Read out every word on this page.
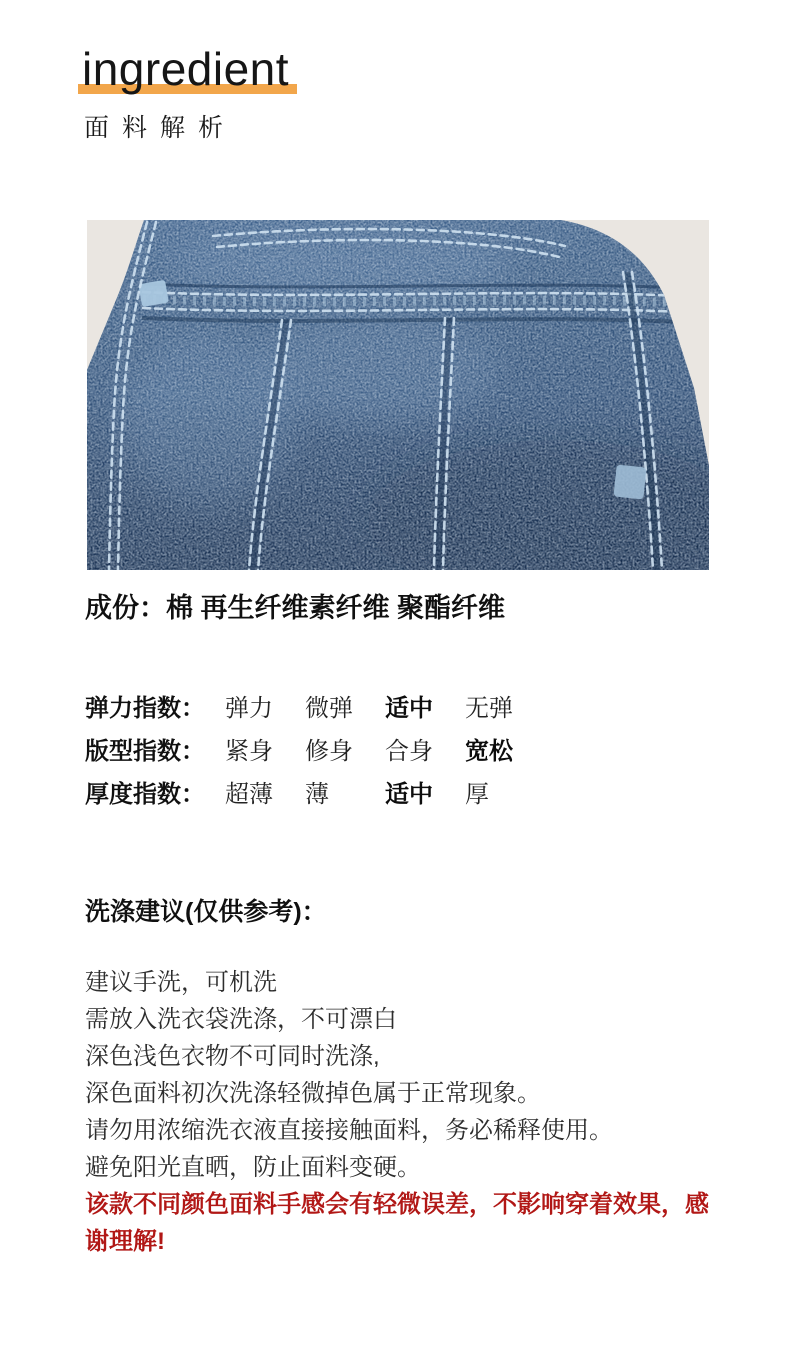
ingredient
面料解析

成份：棉 再生纤维素纤维 聚酯纤维

弹力指数： 弹力	微弹	适中	无弹
版型指数： 紧身	修身	合身	宽松
厚度指数： 超薄	薄	适中	厚
洗涤建议(仅供参考)：
建议手洗，可机洗
需放入洗衣袋洗涤，不可漂白
深色浅色衣物不可同时洗涤,
深色面料初次洗涤轻微掉色属于正常现象。
请勿用浓缩洗衣液直接接触面料，务必稀释使用。
避免阳光直晒，防止面料变硬。

该款不同颜色面料手感会有轻微误差，不影响穿着效果，感谢理解!
